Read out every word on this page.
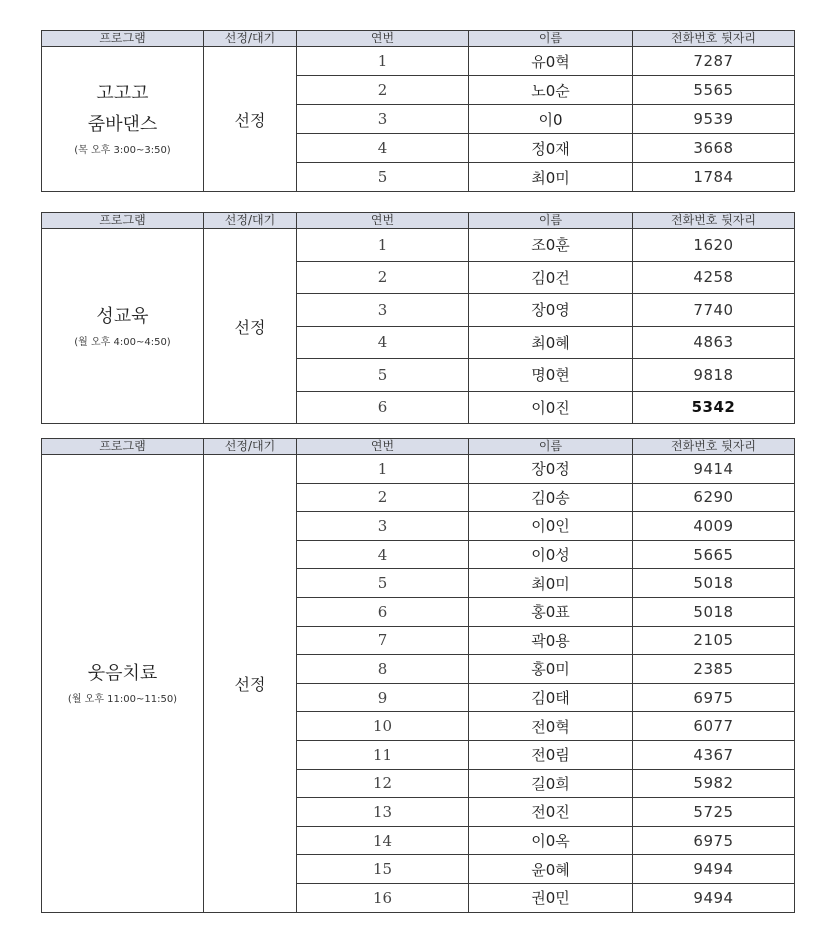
프로그램	선정/대기	연번	이름	전화번호 뒷자리

고고고
줌바댄스
(목 오후 3:00~3:50)	선정	1	유0혁	7287
		2	노0순	5565
		3	이0	9539
		4	정0재	3668
		5	최0미	1784
프로그램	선정/대기	연번	이름	전화번호 뒷자리

성교육
(월 오후 4:00~4:50)	선정	1	조0훈	1620
		2	김0건	4258
		3	장0영	7740
		4	최0혜	4863
		5	명0현	9818
		6	이0진	5342
프로그램	선정/대기	연번	이름	전화번호 뒷자리

웃음치료
(월 오후 11:00~11:50)	선정	1	장0정	9414
		2	김0송	6290
		3	이0인	4009
		4	이0성	5665
		5	최0미	5018
		6	홍0표	5018
		7	곽0용	2105
		8	홍0미	2385
		9	김0태	6975
		10	전0혁	6077
		11	전0림	4367
		12	길0희	5982
		13	전0진	5725
		14	이0옥	6975
		15	윤0혜	9494
		16	권0민	9494
